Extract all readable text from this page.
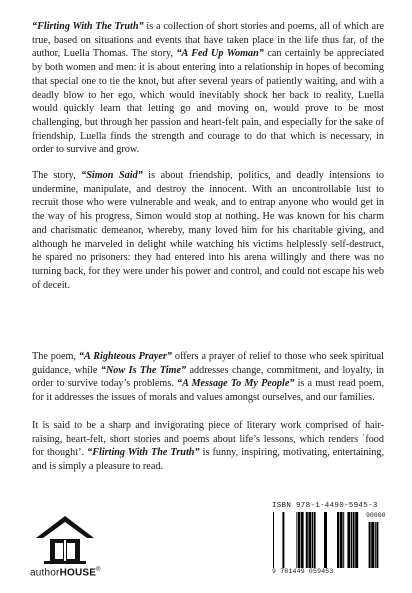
“Flirting With The Truth” is a collection of short stories and poems, all of which are true, based on situations and events that have taken place in the life thus far, of the author, Luella Thomas. The story, “A Fed Up Woman” can certainly be appreciated by both women and men: it is about entering into a relationship in hopes of becoming that special one to tie the knot, but after several years of patiently waiting, and with a deadly blow to her ego, which would inevitably shock her back to reality, Luella would quickly learn that letting go and moving on, would prove to be most challenging, but through her passion and heart-felt pain, and especially for the sake of friendship, Luella finds the strength and courage to do that which is necessary, in order to survive and grow.
The story, “Simon Said” is about friendship, politics, and deadly intensions to undermine, manipulate, and destroy the innocent. With an uncontrollable lust to recruit those who were vulnerable and weak, and to entrap anyone who would get in the way of his progress, Simon would stop at nothing. He was known for his charm and charismatic demeanor, whereby, many loved him for his charitable giving, and although he marveled in delight while watching his victims helplessly self-destruct, he spared no prisoners: they had entered into his arena willingly and there was no turning back, for they were under his power and control, and could not escape his web of deceit.
The poem, “A Righteous Prayer” offers a prayer of relief to those who seek spiritual guidance, while “Now Is The Time” addresses change, commitment, and loyalty, in order to survive today’s problems. “A Message To My People” is a must read poem, for it addresses the issues of morals and values amongst ourselves, and our families.
It is said to be a sharp and invigorating piece of literary work comprised of hair-raising, heart-felt, short stories and poems about life’s lessons, which renders `food for thought’. “Flirting With The Truth” is funny, inspiring, motivating, entertaining, and is simply a pleasure to read.
authorHOUSE®
ISBN 978-1-4490-5945-3
90000
9 781449 059453
